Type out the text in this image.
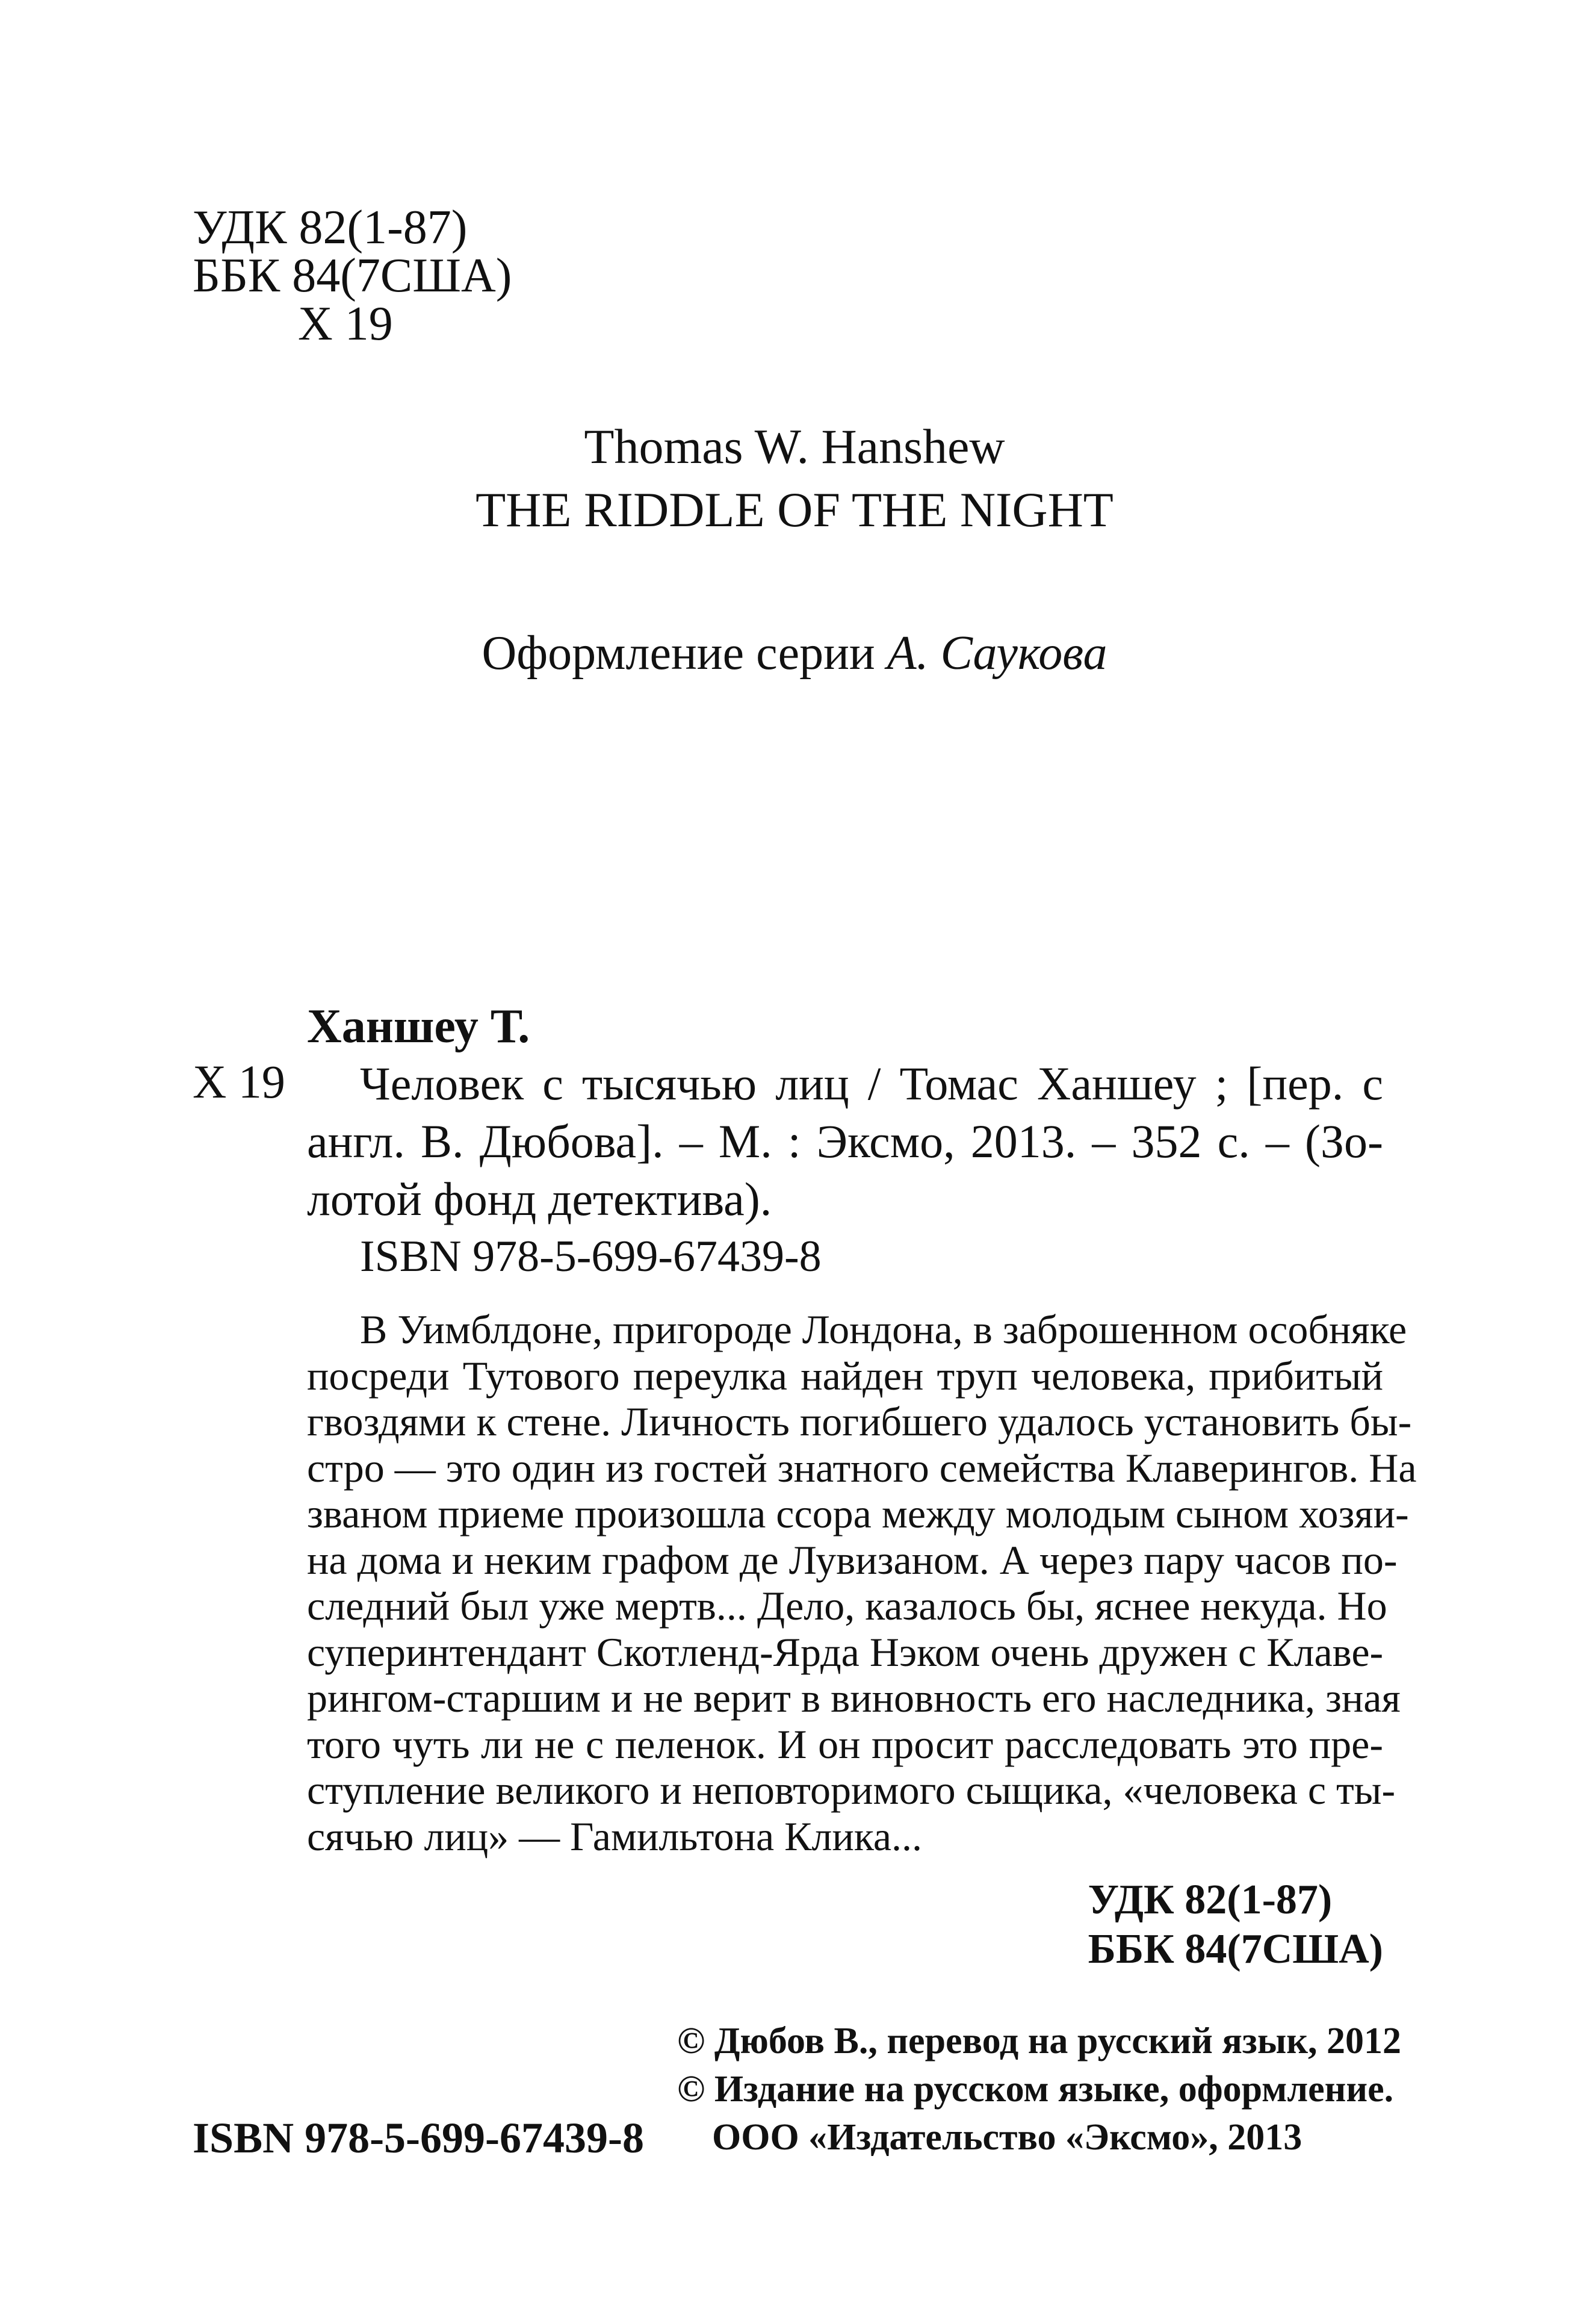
УДК 82(1-87)
ББК 84(7США)
Х 19
Thomas W. Hanshew
THE RIDDLE OF THE NIGHT
Оформление серии А. Саукова
Ханшеу Т.
Х 19 Человек с тысячью лиц / Томас Ханшеу ; [пер. с
англ. В. Дюбова]. – М. : Эксмо, 2013. – 352 с. – (Зо-
лотой фонд детектива).
ISBN 978-5-699-67439-8
В Уимблдоне, пригороде Лондона, в заброшенном особняке
посреди Тутового переулка найден труп человека, прибитый
гвоздями к стене. Личность погибшего удалось установить бы-
стро — это один из гостей знатного семейства Клаверингов. На
званом приеме произошла ссора между молодым сыном хозяи-
на дома и неким графом де Лувизаном. А через пару часов по-
следний был уже мертв... Дело, казалось бы, яснее некуда. Но
суперинтендант Скотленд-Ярда Нэком очень дружен с Клаве-
рингом-старшим и не верит в виновность его наследника, зная
того чуть ли не с пеленок. И он просит расследовать это пре-
ступление великого и неповторимого сыщика, «человека с ты-
сячью лиц» — Гамильтона Клика...
УДК 82(1-87)
ББК 84(7США)
© Дюбов В., перевод на русский язык, 2012
© Издание на русском языке, оформление.
ООО «Издательство «Эксмо», 2013
ISBN 978-5-699-67439-8
